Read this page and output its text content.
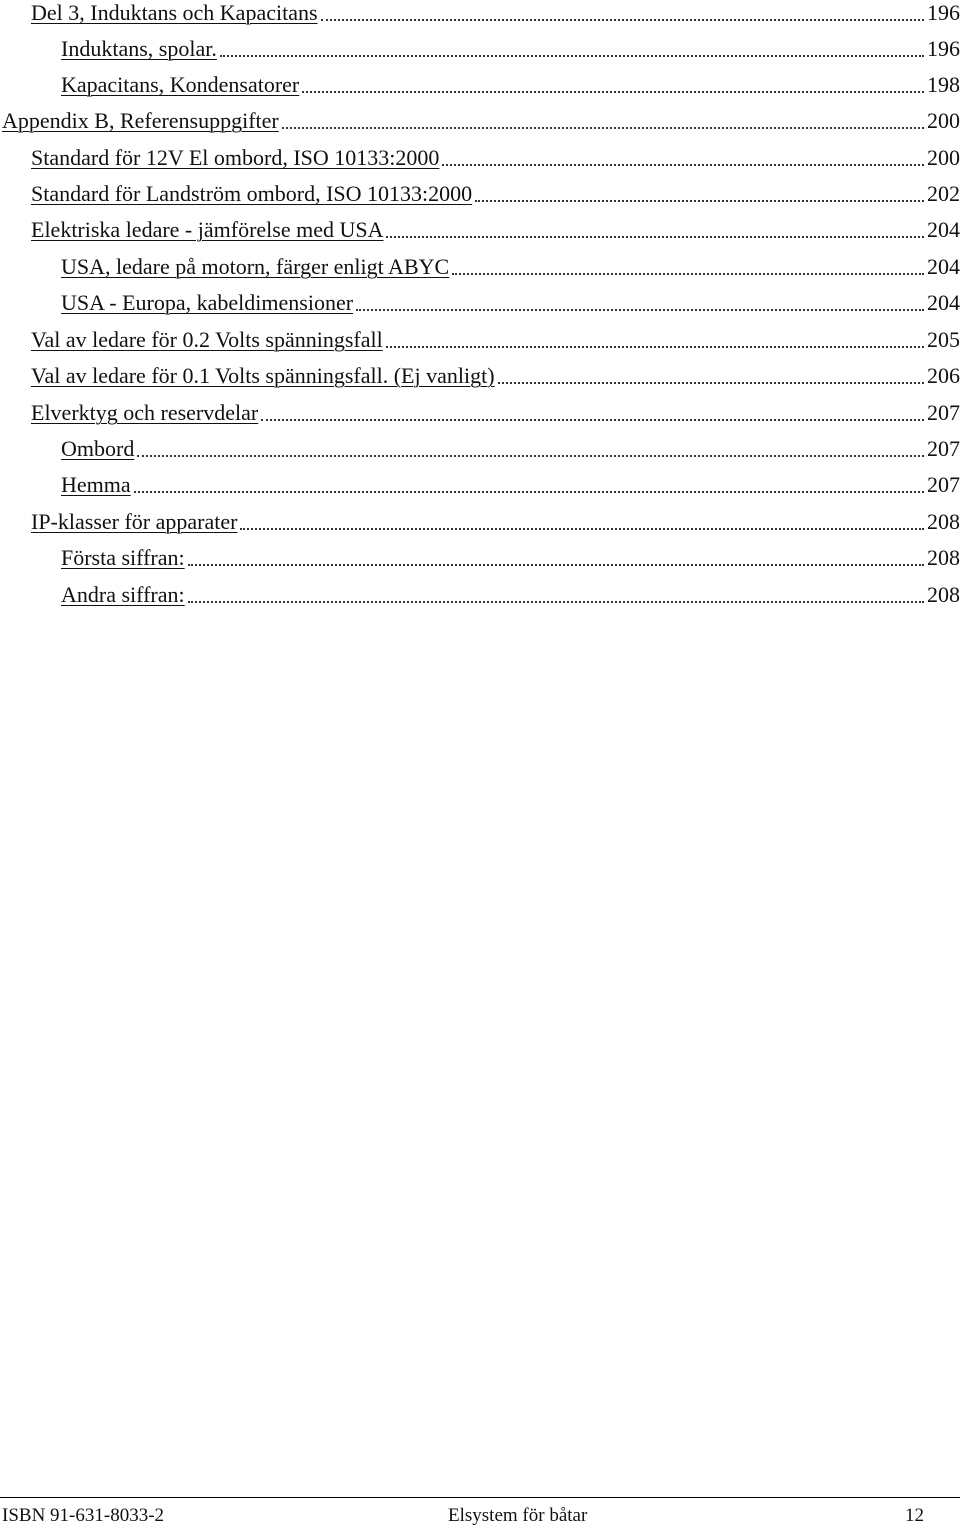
Del 3, Induktans och Kapacitans	196
Induktans, spolar.	196
Kapacitans, Kondensatorer	198
Appendix B, Referensuppgifter	200
Standard för 12V El ombord, ISO 10133:2000	200
Standard för Landström ombord, ISO 10133:2000	202
Elektriska ledare - jämförelse med USA	204
USA, ledare på motorn, färger enligt ABYC	204
USA - Europa, kabeldimensioner	204
Val av ledare för 0.2 Volts spänningsfall	205
Val av ledare för 0.1 Volts spänningsfall. (Ej vanligt)	206
Elverktyg och reservdelar	207
Ombord	207
Hemma	207
IP-klasser för apparater	208
Första siffran:	208
Andra siffran:	208
ISBN 91-631-8033-2	Elsystem för båtar	12
